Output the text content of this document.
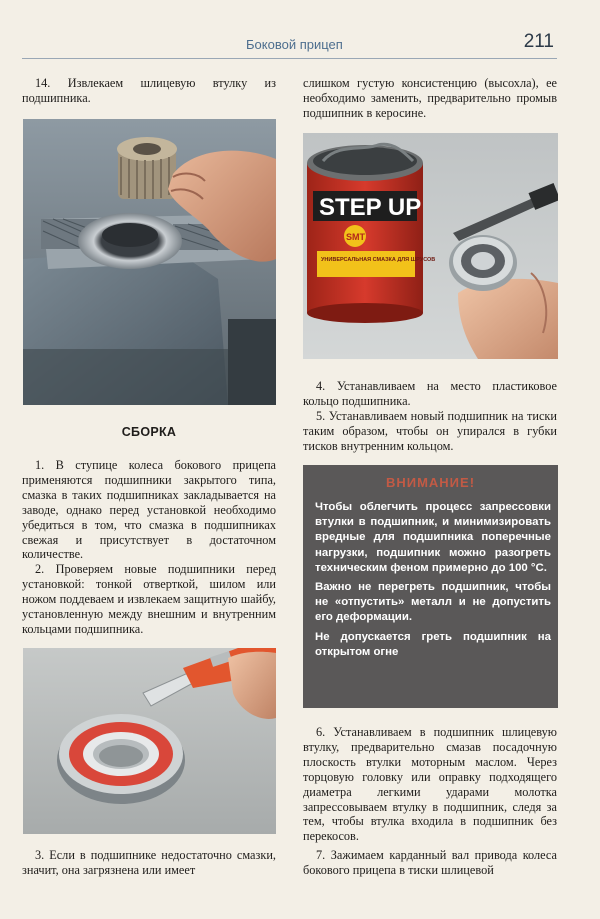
Боковой прицеп	211

14. Извлекаем шлицевую втулку из подшипника.

СБОРКА

1. В ступице колеса бокового прицепа применяются подшипники закрытого типа, смазка в таких подшипниках закладывается на заводе, однако перед установкой необходимо убедиться в том, что смазка в подшипниках свежая и присутствует в достаточном количестве.

2. Проверяем новые подшипники перед установкой: тонкой отверткой, шилом или ножом поддеваем и извлекаем защитную шайбу, установленную между внешним и внутренним кольцами подшипника.

3. Если в подшипнике недостаточно смазки, значит, она загрязнена или имеет

слишком густую консистенцию (высохла), ее необходимо заменить, предварительно промыв подшипник в керосине.

STEP UP
SMT
УНИВЕРСАЛЬНАЯ СМАЗКА ДЛЯ ШРУСОВ

4. Устанавливаем на место пластиковое кольцо подшипника.

5. Устанавливаем новый подшипник на тиски таким образом, чтобы он упирался в губки тисков внутренним кольцом.

ВНИМАНИЕ!

Чтобы облегчить процесс запрессовки втулки в подшипник, и минимизировать вредные для подшипника поперечные нагрузки, подшипник можно разогреть техническим феном примерно до 100 °С.

Важно не перегреть подшипник, чтобы не «отпустить» металл и не допустить его деформации.

Не допускается греть подшипник на открытом огне

6. Устанавливаем в подшипник шлицевую втулку, предварительно смазав посадочную плоскость втулки моторным маслом. Через торцовую головку или оправку подходящего диаметра легкими ударами молотка запрессовываем втулку в подшипник, следя за тем, чтобы втулка входила в подшипник без перекосов.

7. Зажимаем карданный вал привода колеса бокового прицепа в тиски шлицевой
